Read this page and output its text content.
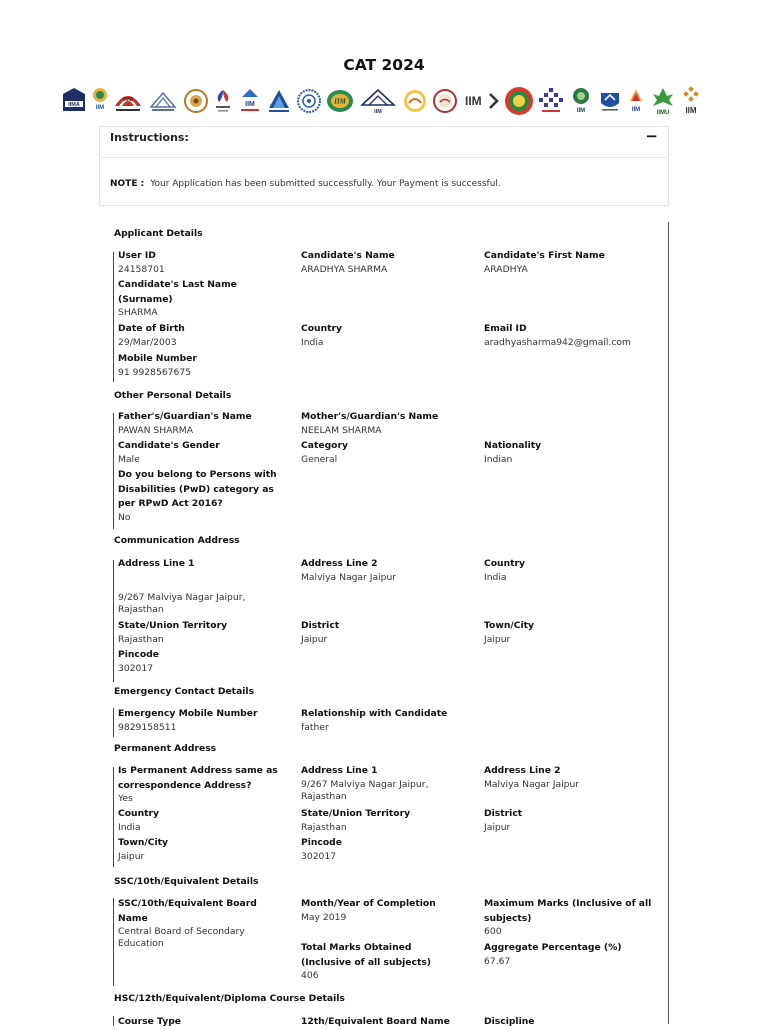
CAT 2024
IIMA	IIM
IIMB
IIM	IIM
IIM
IIM
IIM	IIM	IIMU IIM
Instructions:	−
NOTE : Your Application has been submitted successfully. Your Payment is successful.
Applicant Details
User ID
24158701
Candidate's Name
ARADHYA SHARMA
Candidate's First Name
ARADHYA
Candidate's Last Name (Surname)
SHARMA
Date of Birth
29/Mar/2003
Country
India
Email ID
aradhyasharma942@gmail.com
Mobile Number
91 9928567675
Other Personal Details
Father's/Guardian's Name
PAWAN SHARMA
Mother's/Guardian's Name
NEELAM SHARMA
Candidate's Gender
Male
Category
General
Nationality
Indian
Do you belong to Persons with Disabilities (PwD) category as per RPwD Act 2016?
No
Communication Address
Address Line 1
9/267 Malviya Nagar Jaipur, Rajasthan
Address Line 2
Malviya Nagar Jaipur
Country
India
State/Union Territory
Rajasthan
District
Jaipur
Town/City
Jaipur
Pincode
302017
Emergency Contact Details
Emergency Mobile Number
9829158511
Relationship with Candidate
father
Permanent Address
Is Permanent Address same as correspondence Address?
Yes
Address Line 1
9/267 Malviya Nagar Jaipur, Rajasthan
Address Line 2
Malviya Nagar Jaipur
Country
India
State/Union Territory
Rajasthan
District
Jaipur
Town/City
Jaipur
Pincode
302017
SSC/10th/Equivalent Details
SSC/10th/Equivalent Board Name
Central Board of Secondary Education
Month/Year of Completion
May 2019
Maximum Marks (Inclusive of all subjects)
600
Total Marks Obtained (Inclusive of all subjects)
406
Aggregate Percentage (%)
67.67
HSC/12th/Equivalent/Diploma Course Details
Course Type	12th/Equivalent Board Name	Discipline
